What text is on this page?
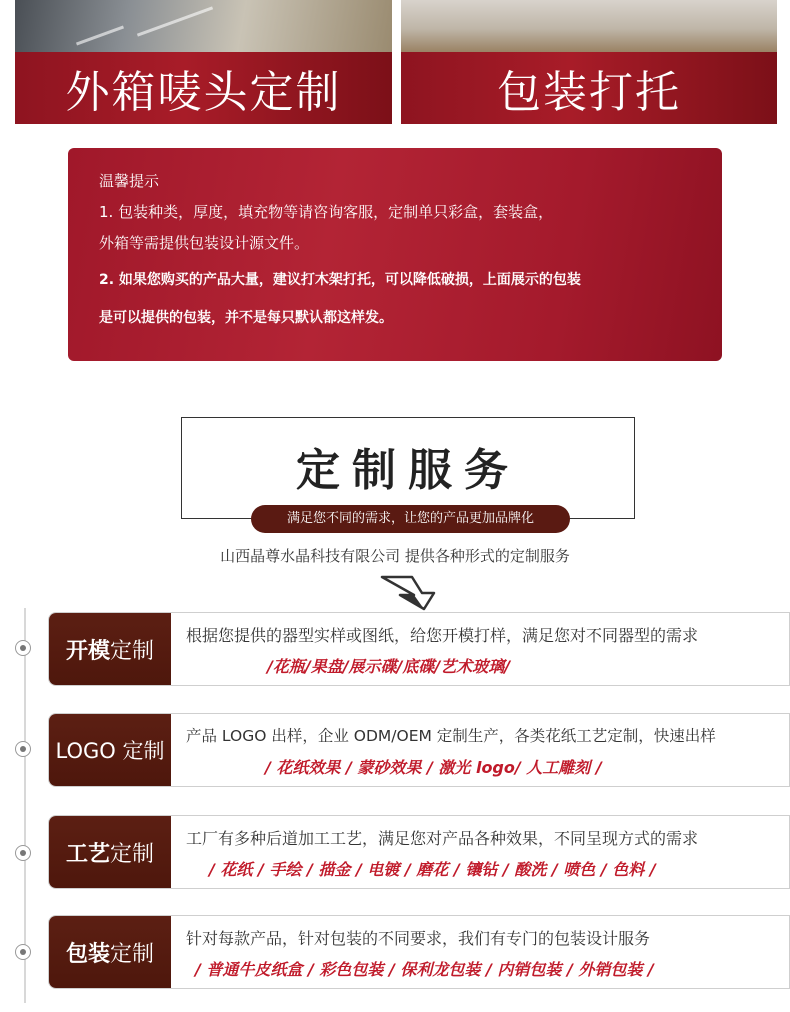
外箱唛头定制	包装打托
温馨提示
1. 包装种类，厚度，填充物等请咨询客服，定制单只彩盒，套装盒，
外箱等需提供包装设计源文件。
2. 如果您购买的产品大量，建议打木架打托，可以降低破损，上面展示的包装
是可以提供的包装，并不是每只默认都这样发。
定制服务
满足您不同的需求，让您的产品更加品牌化
山西晶尊水晶科技有限公司 提供各种形式的定制服务
开模 定制
根据您提供的器型实样或图纸，给您开模打样，满足您对不同器型的需求
/花瓶/果盘/展示碟/底碟/艺术玻璃/
LOGO 定制
产品 LOGO 出样，企业 ODM/OEM 定制生产，各类花纸工艺定制，快速出样
/ 花纸效果 / 蒙砂效果 / 激光 logo/ 人工雕刻 /
工艺 定制
工厂有多种后道加工工艺，满足您对产品各种效果，不同呈现方式的需求
/ 花纸 / 手绘 / 描金 / 电镀 / 磨花 / 镶钻 / 酸洗 / 喷色 / 色料 /
包装 定制
针对每款产品，针对包装的不同要求，我们有专门的包装设计服务
/ 普通牛皮纸盒 / 彩色包装 / 保利龙包装 / 内销包装 / 外销包装 /
